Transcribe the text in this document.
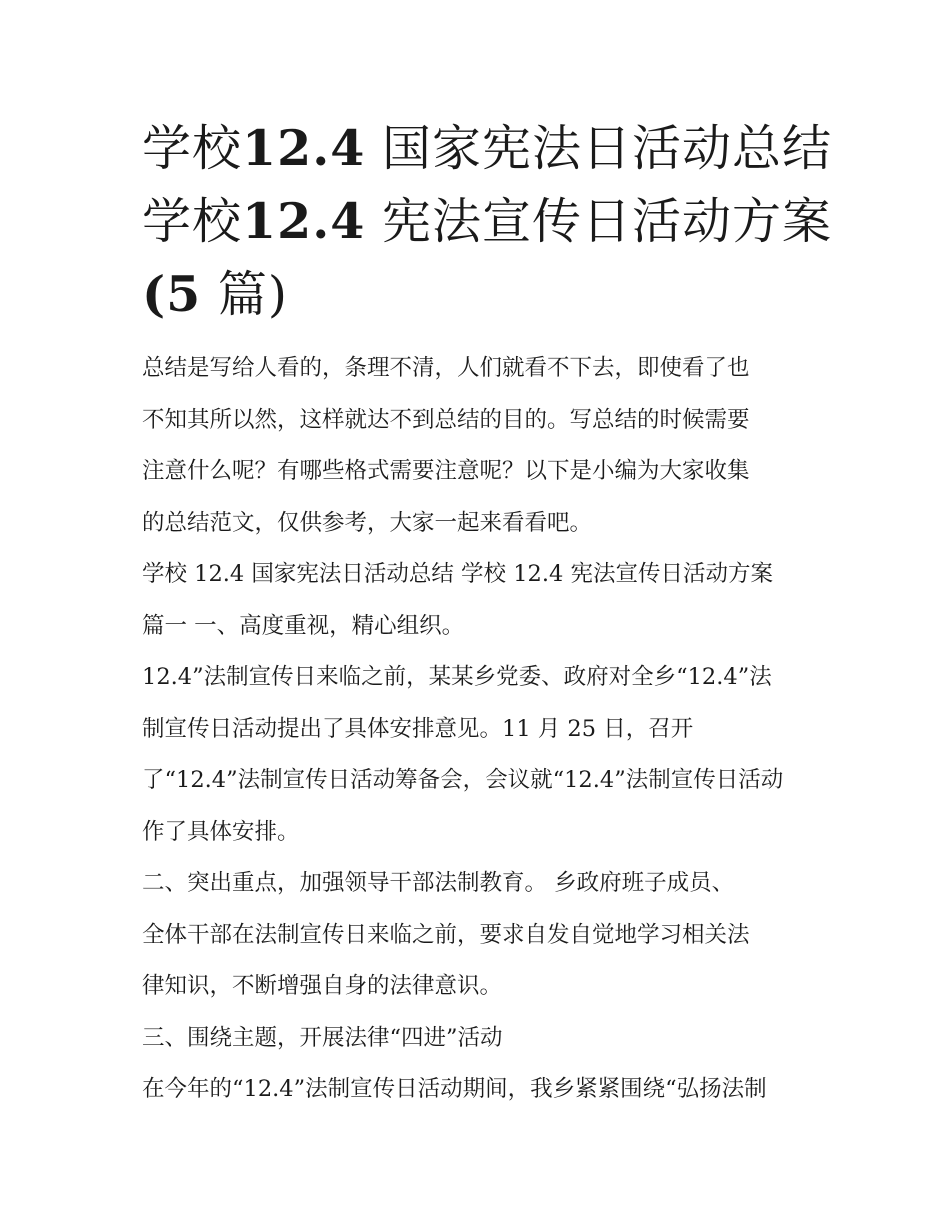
学校12.4 国家宪法日活动总结
学校12.4 宪法宣传日活动方案
(5 篇)

总结是写给人看的，条理不清，人们就看不下去，即使看了也
不知其所以然，这样就达不到总结的目的。写总结的时候需要
注意什么呢？有哪些格式需要注意呢？以下是小编为大家收集
的总结范文，仅供参考，大家一起来看看吧。

学校 12.4 国家宪法日活动总结 学校 12.4 宪法宣传日活动方案
篇一 一、高度重视，精心组织。

12.4”法制宣传日来临之前，某某乡党委、政府对全乡“12.4”法
制宣传日活动提出了具体安排意见。11 月 25 日，召开
了“12.4”法制宣传日活动筹备会，会议就“12.4”法制宣传日活动
作了具体安排。

二、突出重点，加强领导干部法制教育。 乡政府班子成员、
全体干部在法制宣传日来临之前，要求自发自觉地学习相关法
律知识，不断增强自身的法律意识。

三、围绕主题，开展法律“四进”活动

在今年的“12.4”法制宣传日活动期间，我乡紧紧围绕“弘扬法制
